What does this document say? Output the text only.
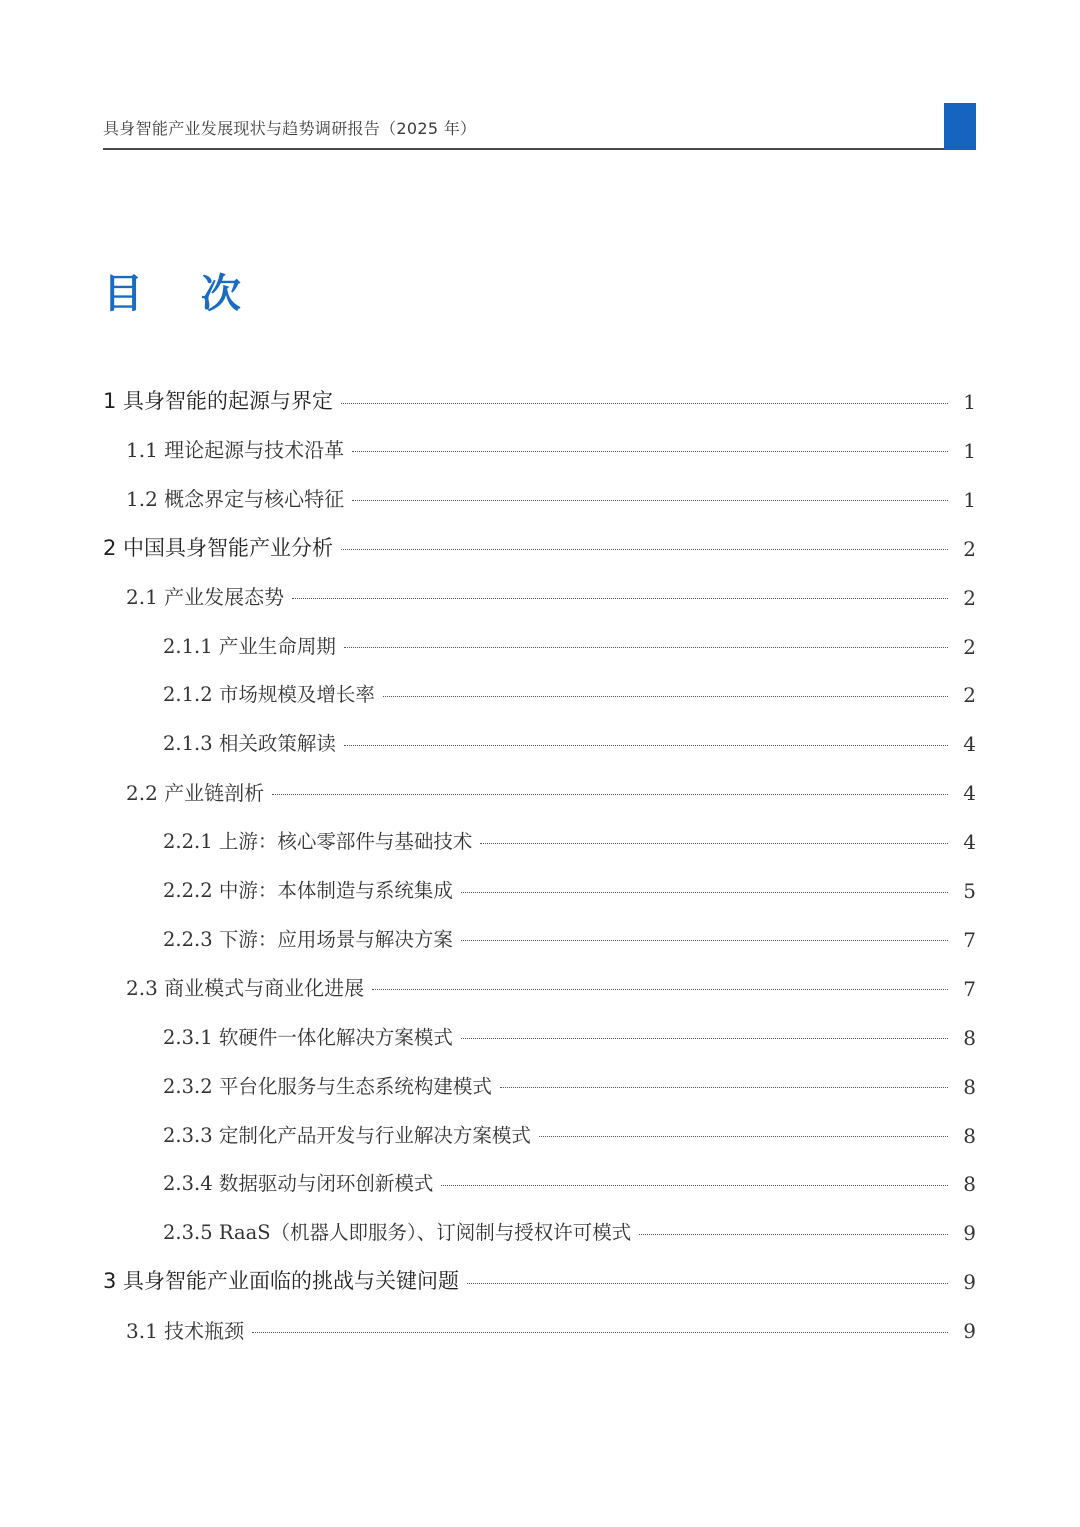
具身智能产业发展现状与趋势调研报告（2025 年）
目 次
1 具身智能的起源与界定	1
1.1 理论起源与技术沿革	1
1.2 概念界定与核心特征	1
2 中国具身智能产业分析	2
2.1 产业发展态势	2
2.1.1 产业生命周期	2
2.1.2 市场规模及增长率	2
2.1.3 相关政策解读	4
2.2 产业链剖析	4
2.2.1 上游：核心零部件与基础技术	4
2.2.2 中游：本体制造与系统集成	5
2.2.3 下游：应用场景与解决方案	7
2.3 商业模式与商业化进展	7
2.3.1 软硬件一体化解决方案模式	8
2.3.2 平台化服务与生态系统构建模式	8
2.3.3 定制化产品开发与行业解决方案模式	8
2.3.4 数据驱动与闭环创新模式	8
2.3.5 RaaS（机器人即服务）、订阅制与授权许可模式	9
3 具身智能产业面临的挑战与关键问题	9
3.1 技术瓶颈	9
